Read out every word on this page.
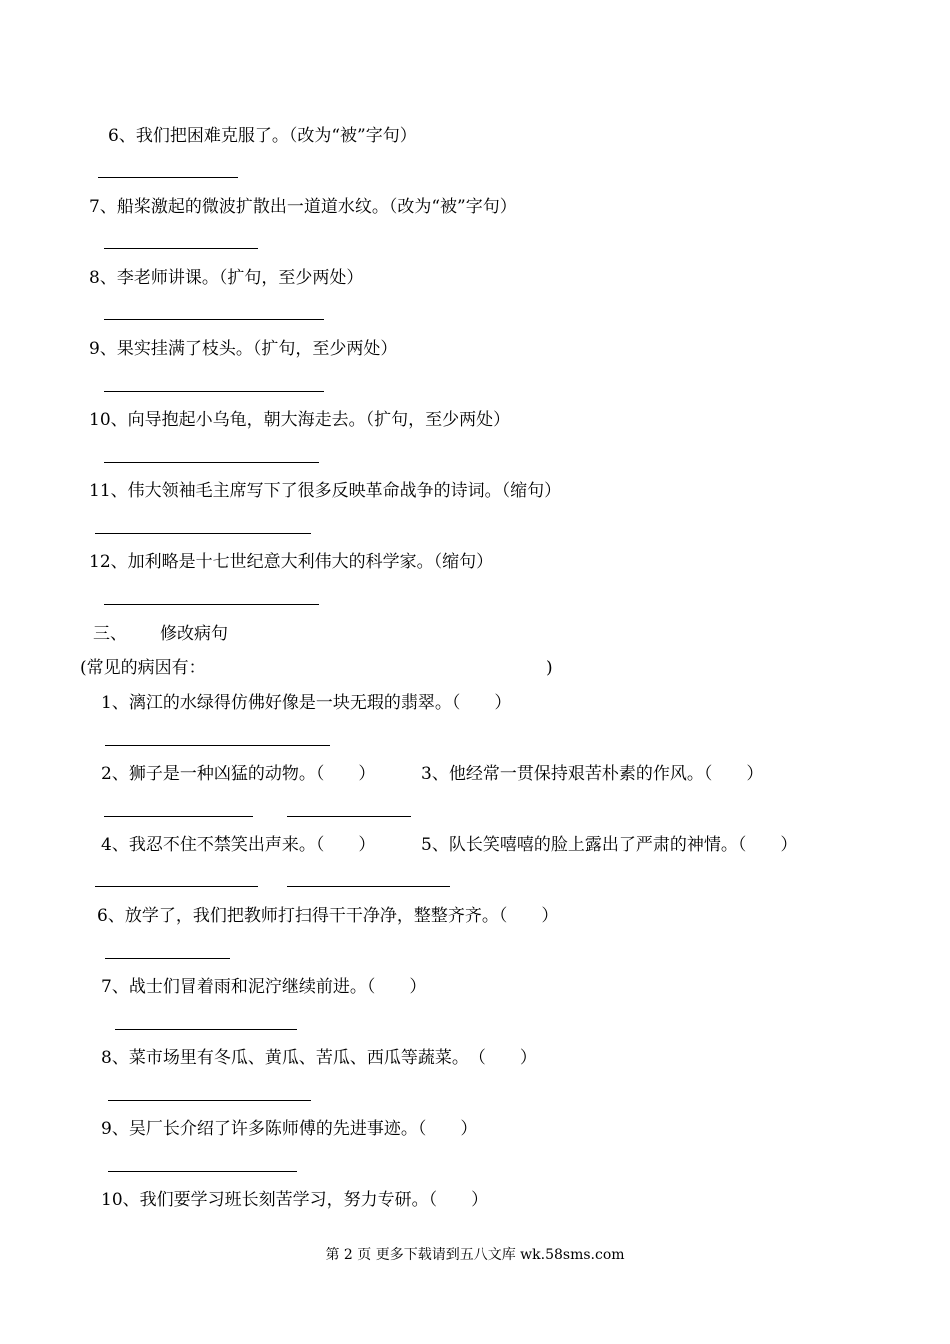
6、我们把困难克服了。（改为“被”字句）
7、船桨激起的微波扩散出一道道水纹。（改为“被”字句）
8、李老师讲课。（扩句，至少两处）
9、果实挂满了枝头。（扩句，至少两处）
10、向导抱起小乌龟，朝大海走去。（扩句，至少两处）
11、伟大领袖毛主席写下了很多反映革命战争的诗词。（缩句）
12、加利略是十七世纪意大利伟大的科学家。（缩句）
三、 修改病句
(常见的病因有：	)
1、漓江的水绿得仿佛好像是一块无瑕的翡翠。（　　）
2、狮子是一种凶猛的动物。（　　）	3、他经常一贯保持艰苦朴素的作风。（　　）
4、我忍不住不禁笑出声来。（　　）	5、队长笑嘻嘻的脸上露出了严肃的神情。（　　）
6、放学了，我们把教师打扫得干干净净，整整齐齐。（　　）
7、战士们冒着雨和泥泞继续前进。（　　）
8、菜市场里有冬瓜、黄瓜、苦瓜、西瓜等蔬菜。　（　　）
9、吴厂长介绍了许多陈师傅的先进事迹。（　　）
10、我们要学习班长刻苦学习，努力专研。（　　）
第 2 页 更多下载请到五八文库 wk.58sms.com
